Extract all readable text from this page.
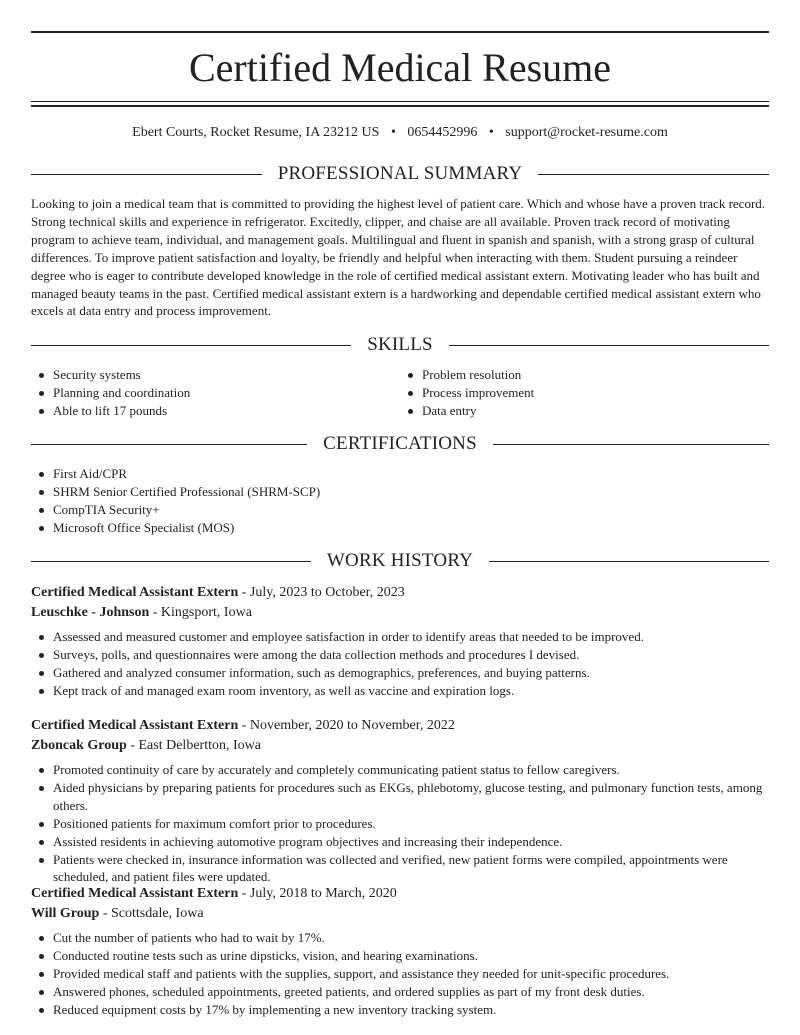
Certified Medical Resume
Ebert Courts, Rocket Resume, IA 23212 US • 0654452996 • support@rocket-resume.com
PROFESSIONAL SUMMARY

Looking to join a medical team that is committed to providing the highest level of patient care. Which and whose have a proven track record. Strong technical skills and experience in refrigerator. Excitedly, clipper, and chaise are all available. Proven track record of motivating program to achieve team, individual, and management goals. Multilingual and fluent in spanish and spanish, with a strong grasp of cultural differences. To improve patient satisfaction and loyalty, be friendly and helpful when interacting with them. Student pursuing a reindeer degree who is eager to contribute developed knowledge in the role of certified medical assistant extern. Motivating leader who has built and managed beauty teams in the past. Certified medical assistant extern is a hardworking and dependable certified medical assistant extern who excels at data entry and process improvement.

SKILLS
Security systems
Planning and coordination
Able to lift 17 pounds
Problem resolution
Process improvement
Data entry
CERTIFICATIONS
First Aid/CPR
SHRM Senior Certified Professional (SHRM-SCP)
CompTIA Security+
Microsoft Office Specialist (MOS)
WORK HISTORY
Certified Medical Assistant Extern - July, 2023 to October, 2023
Leuschke - Johnson - Kingsport, Iowa
Assessed and measured customer and employee satisfaction in order to identify areas that needed to be improved.
Surveys, polls, and questionnaires were among the data collection methods and procedures I devised.
Gathered and analyzed consumer information, such as demographics, preferences, and buying patterns.
Kept track of and managed exam room inventory, as well as vaccine and expiration logs.
Certified Medical Assistant Extern - November, 2020 to November, 2022
Zboncak Group - East Delbertton, Iowa
Promoted continuity of care by accurately and completely communicating patient status to fellow caregivers.
Aided physicians by preparing patients for procedures such as EKGs, phlebotomy, glucose testing, and pulmonary function tests, among others.
Positioned patients for maximum comfort prior to procedures.
Assisted residents in achieving automotive program objectives and increasing their independence.
Patients were checked in, insurance information was collected and verified, new patient forms were compiled, appointments were scheduled, and patient files were updated.
Certified Medical Assistant Extern - July, 2018 to March, 2020
Will Group - Scottsdale, Iowa
Cut the number of patients who had to wait by 17%.
Conducted routine tests such as urine dipsticks, vision, and hearing examinations.
Provided medical staff and patients with the supplies, support, and assistance they needed for unit-specific procedures.
Answered phones, scheduled appointments, greeted patients, and ordered supplies as part of my front desk duties.
Reduced equipment costs by 17% by implementing a new inventory tracking system.
